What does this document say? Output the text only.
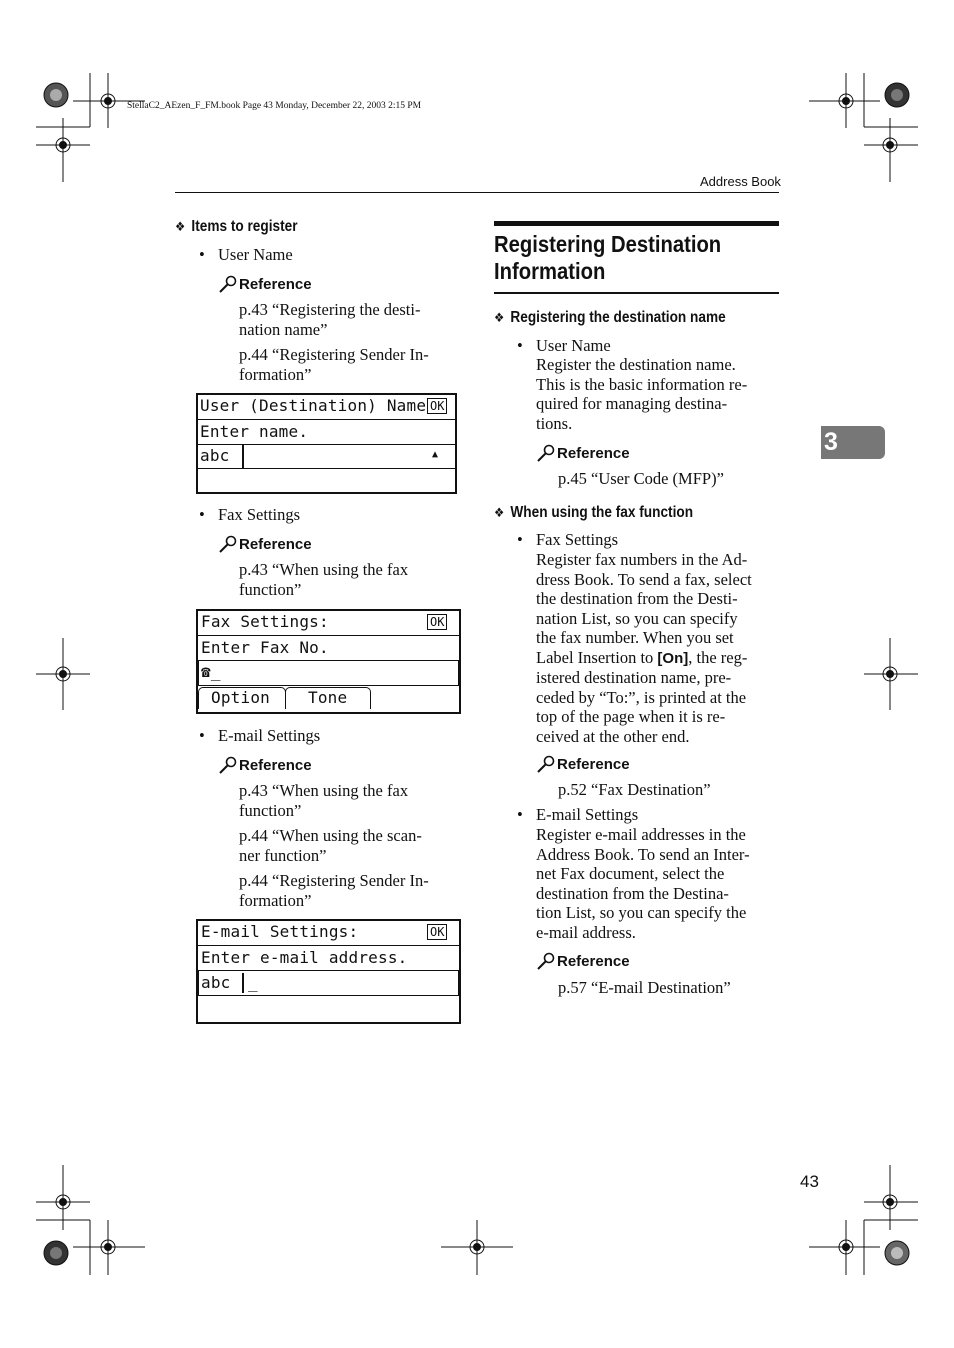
StellaC2_AEzen_F_FM.book Page 43 Monday, December 22, 2003 2:15 PM
Address Book
❖ Items to register
• User Name
Reference
p.43 “Registering the desti-
nation name”
p.44 “Registering Sender In-
formation”
User (Destination) Name OK
Enter name.
abc	▲
• Fax Settings
Reference
p.43 “When using the fax
function”
Fax Settings:	OK
Enter Fax No.
☎_
Option Tone
• E-mail Settings
Reference
p.43 “When using the fax
function”
p.44 “When using the scan-
ner function”
p.44 “Registering Sender In-
formation”
E-mail Settings:	OK
Enter e-mail address.
abc _
Registering Destination
Information
❖ Registering the destination name
• User Name
Register the destination name.
This is the basic information re-
quired for managing destina-
tions.
Reference
p.45 “User Code (MFP)”
❖ When using the fax function
• Fax Settings
Register fax numbers in the Ad-
dress Book. To send a fax, select
the destination from the Desti-
nation List, so you can specify
the fax number. When you set
Label Insertion to [On], the reg-
istered destination name, pre-
ceded by “To:”, is printed at the
top of the page when it is re-
ceived at the other end.
Reference
p.52 “Fax Destination”
• E-mail Settings
Register e-mail addresses in the
Address Book. To send an Inter-
net Fax document, select the
destination from the Destina-
tion List, so you can specify the
e-mail address.
Reference
p.57 “E-mail Destination”
3
43
